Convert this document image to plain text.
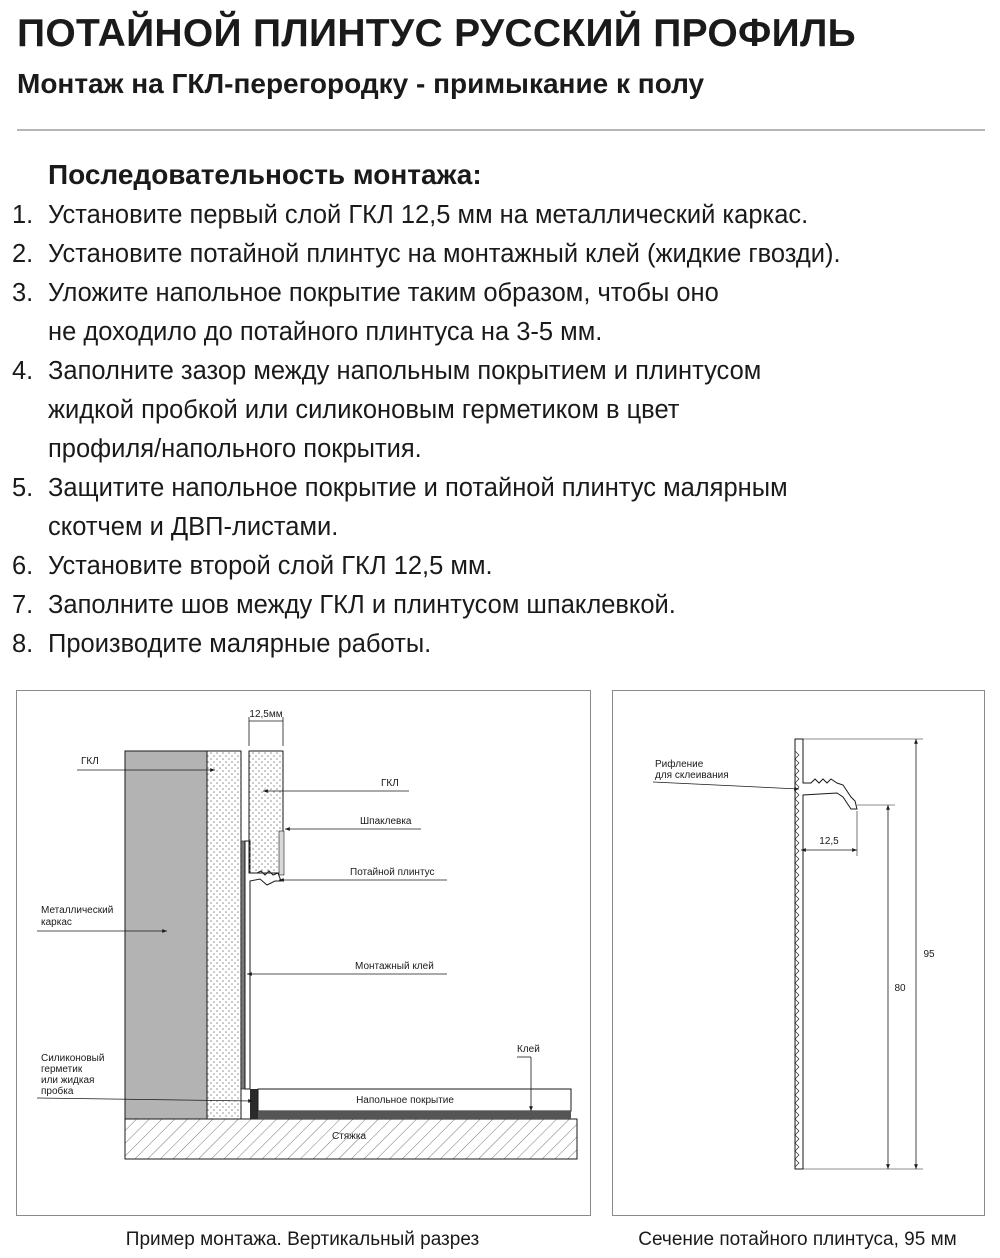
ПОТАЙНОЙ ПЛИНТУС РУССКИЙ ПРОФИЛЬ
Монтаж на ГКЛ-перегородку - примыкание к полу
Последовательность монтажа:
1. Установите первый слой ГКЛ 12,5 мм на металлический каркас.
2. Установите потайной плинтус на монтажный клей (жидкие гвозди).
3. Уложите напольное покрытие таким образом, чтобы оно
не доходило до потайного плинтуса на 3-5 мм.
4. Заполните зазор между напольным покрытием и плинтусом
жидкой пробкой или силиконовым герметиком в цвет
профиля/напольного покрытия.
5. Защитите напольное покрытие и потайной плинтус малярным
скотчем и ДВП-листами.
6. Установите второй слой ГКЛ 12,5 мм.
7. Заполните шов между ГКЛ и плинтусом шпаклевкой.
8. Производите малярные работы.
12,5мм
ГКЛ
ГКЛ
Шпаклевка
Потайной плинтус
Металлический
каркас
Монтажный клей
Клей
Силиконовый
герметик
или жидкая
пробка
Напольное покрытие
Стяжка
Рифление
для склеивания
12,5
95
80
Пример монтажа. Вертикальный разрез	Сечение потайного плинтуса, 95 мм
